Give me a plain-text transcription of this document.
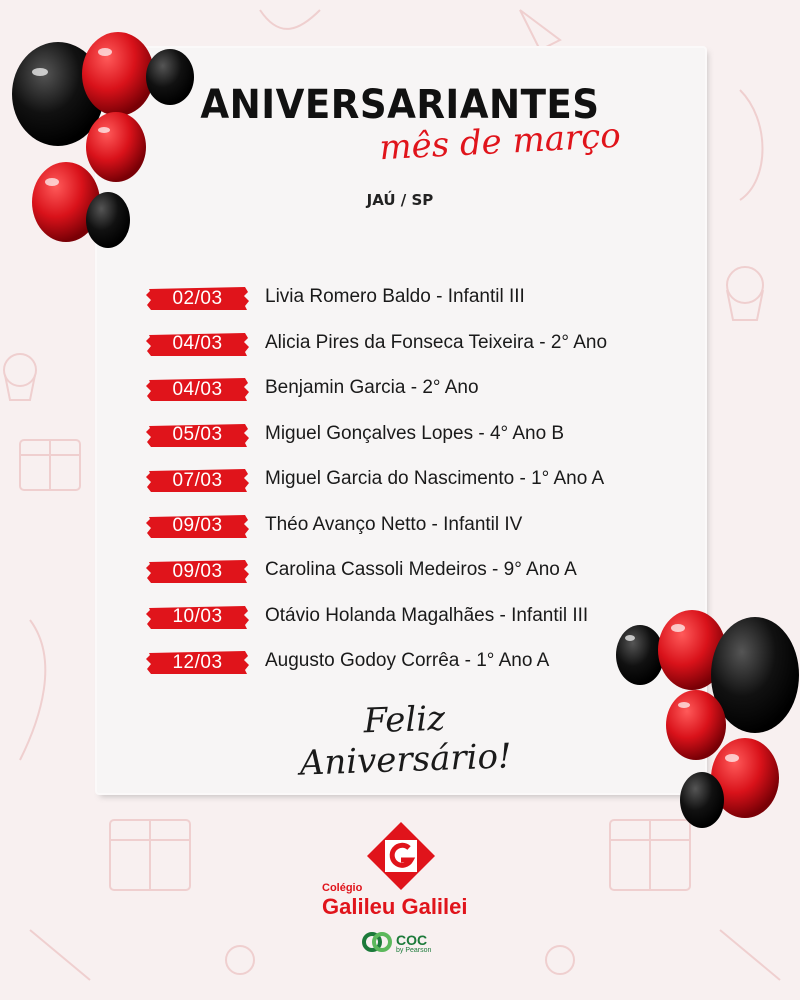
ANIVERSARIANTES
mês de março
JAÚ / SP
02/03 Livia Romero Baldo - Infantil III
04/03 Alicia Pires da Fonseca Teixeira - 2° Ano
04/03 Benjamin Garcia - 2° Ano
05/03 Miguel Gonçalves Lopes - 4° Ano B
07/03 Miguel Garcia do Nascimento - 1° Ano A
09/03 Théo Avanço Netto - Infantil IV
09/03 Carolina Cassoli Medeiros - 9° Ano A
10/03 Otávio Holanda Magalhães - Infantil III
12/03 Augusto Godoy Corrêa - 1° Ano A
Feliz Aniversário!
Colégio
Galileu Galilei
COC
by Pearson
